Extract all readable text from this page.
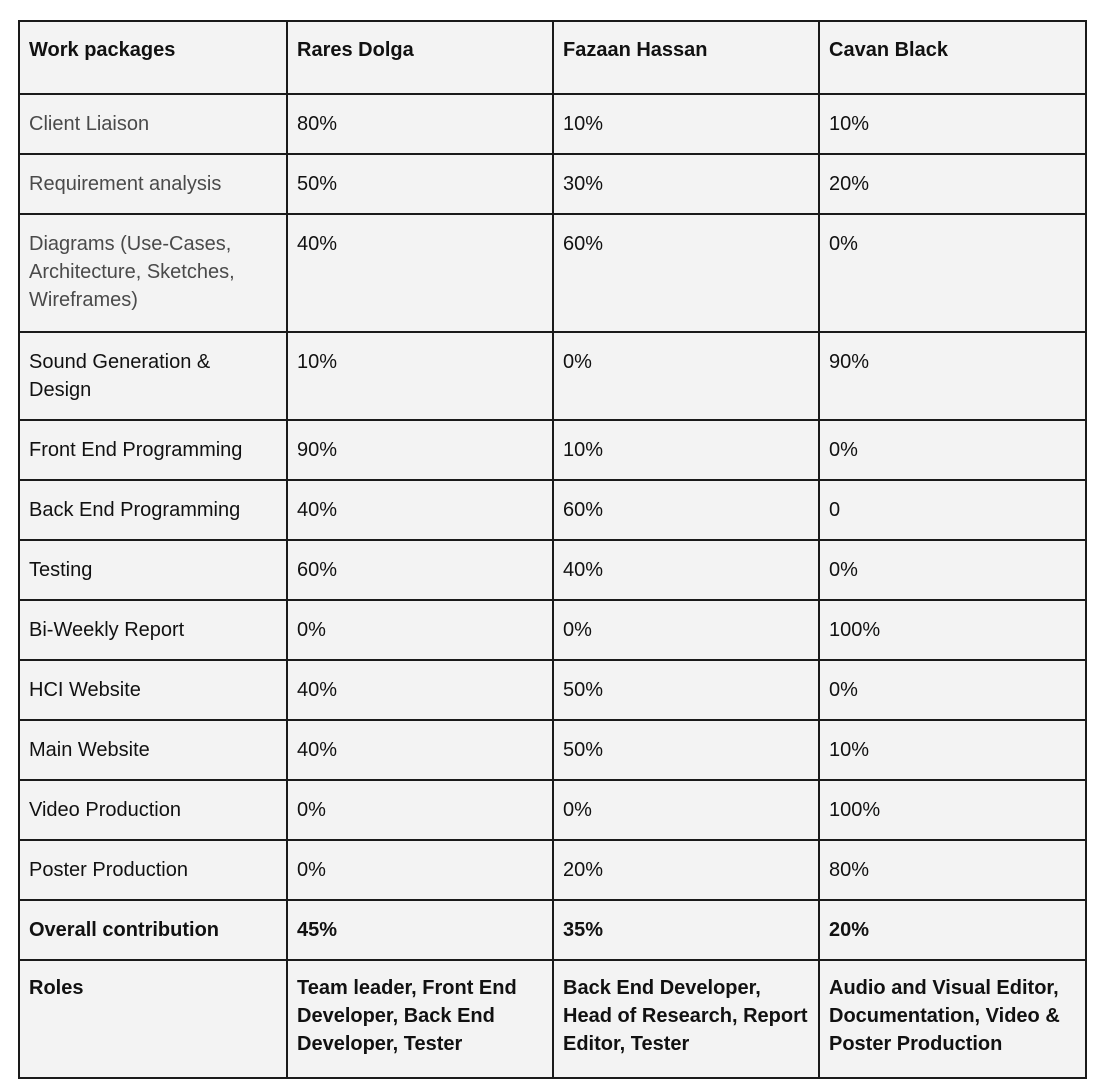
Work packages	Rares Dolga	Fazaan Hassan	Cavan Black
Client Liaison	80%	10%	10%
Requirement analysis	50%	30%	20%
Diagrams (Use-Cases, Architecture, Sketches, Wireframes)	40%	60%	0%
Sound Generation & Design	10%	0%	90%
Front End Programming	90%	10%	0%
Back End Programming	40%	60%	0
Testing	60%	40%	0%
Bi-Weekly Report	0%	0%	100%
HCI Website	40%	50%	0%
Main Website	40%	50%	10%
Video Production	0%	0%	100%
Poster Production	0%	20%	80%
Overall contribution	45%	35%	20%
Roles	Team leader, Front End Developer, Back End Developer, Tester	Back End Developer, Head of Research, Report Editor, Tester	Audio and Visual Editor, Documentation, Video & Poster Production
